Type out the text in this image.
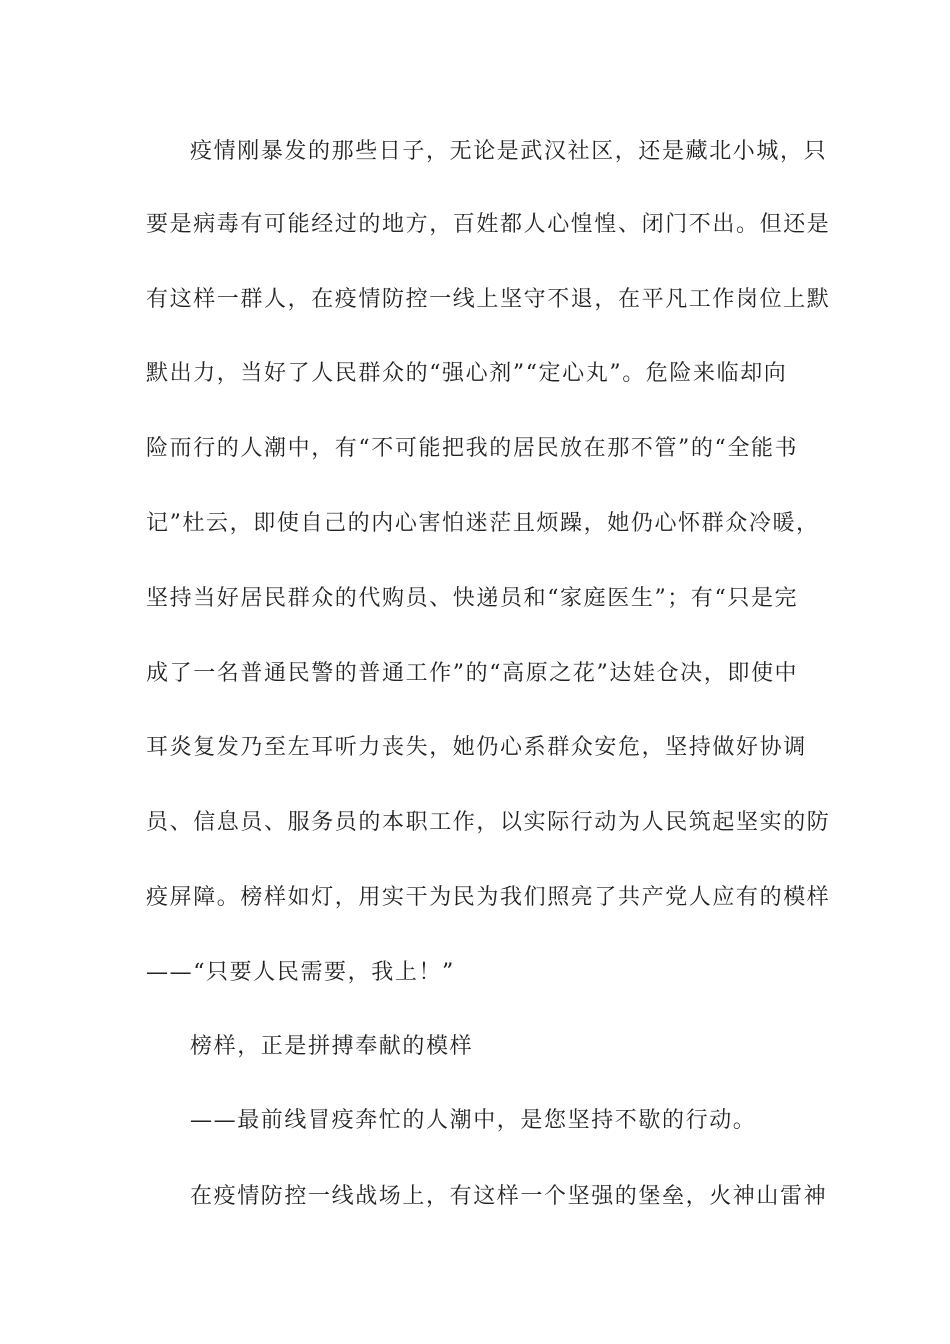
疫情刚暴发的那些日子，无论是武汉社区，还是藏北小城，只
要是病毒有可能经过的地方，百姓都人心惶惶、闭门不出。但还是
有这样一群人，在疫情防控一线上坚守不退，在平凡工作岗位上默
默出力，当好了人民群众的“强心剂”“定心丸”。危险来临却向
险而行的人潮中，有“不可能把我的居民放在那不管”的“全能书
记”杜云，即使自己的内心害怕迷茫且烦躁，她仍心怀群众冷暖，
坚持当好居民群众的代购员、快递员和“家庭医生”；有“只是完
成了一名普通民警的普通工作”的“高原之花”达娃仓决，即使中
耳炎复发乃至左耳听力丧失，她仍心系群众安危，坚持做好协调
员、信息员、服务员的本职工作，以实际行动为人民筑起坚实的防
疫屏障。榜样如灯，用实干为民为我们照亮了共产党人应有的模样
——“只要人民需要，我上！”
榜样，正是拼搏奉献的模样
——最前线冒疫奔忙的人潮中，是您坚持不歇的行动。
在疫情防控一线战场上，有这样一个坚强的堡垒，火神山雷神
